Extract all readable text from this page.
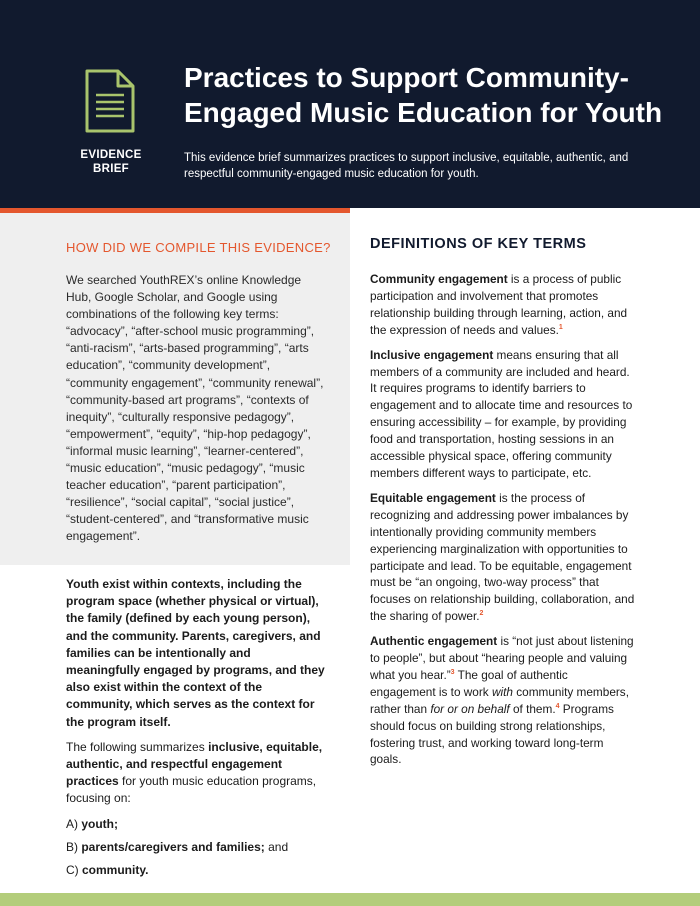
EVIDENCE
BRIEF
Practices to Support Community-Engaged Music Education for Youth

This evidence brief summarizes practices to support inclusive, equitable, authentic, and respectful community-engaged music education for youth.

HOW DID WE COMPILE THIS EVIDENCE?

We searched YouthREX’s online Knowledge Hub, Google Scholar, and Google using combinations of the following key terms: “advocacy”, “after-school music programming”, “anti-racism”, “arts-based programming”, “arts education”, “community development”, “community engagement”, “community renewal”, “community-based art programs”, “contexts of inequity”, “culturally responsive pedagogy”, “empowerment”, “equity”, “hip-hop pedagogy”, “informal music learning”, “learner-centered”, “music education”, “music pedagogy”, “music teacher education”, “parent participation”, “resilience”, “social capital”, “social justice”, “student-centered”, and “transformative music engagement”.

Youth exist within contexts, including the program space (whether physical or virtual), the family (defined by each young person), and the community. Parents, caregivers, and families can be intentionally and meaningfully engaged by programs, and they also exist within the context of the community, which serves as the context for the program itself.

The following summarizes inclusive, equitable, authentic, and respectful engagement practices for youth music education programs, focusing on:

A) youth;

B) parents/caregivers and families; and

C) community.

DEFINITIONS OF KEY TERMS

Community engagement is a process of public participation and involvement that promotes relationship building through learning, action, and the expression of needs and values.$^1$

Inclusive engagement means ensuring that all members of a community are included and heard. It requires programs to identify barriers to engagement and to allocate time and resources to ensuring accessibility – for example, by providing food and transportation, hosting sessions in an accessible physical space, offering community members different ways to participate, etc.

Equitable engagement is the process of recognizing and addressing power imbalances by intentionally providing community members experiencing marginalization with opportunities to participate and lead. To be equitable, engagement must be “an ongoing, two-way process” that focuses on relationship building, collaboration, and the sharing of power.$^2$

Authentic engagement is “not just about listening to people”, but about “hearing people and valuing what you hear.”$^3$ The goal of authentic engagement is to work with community members, rather than for or on behalf of them.$^4$ Programs should focus on building strong relationships, fostering trust, and working toward long-term goals.
